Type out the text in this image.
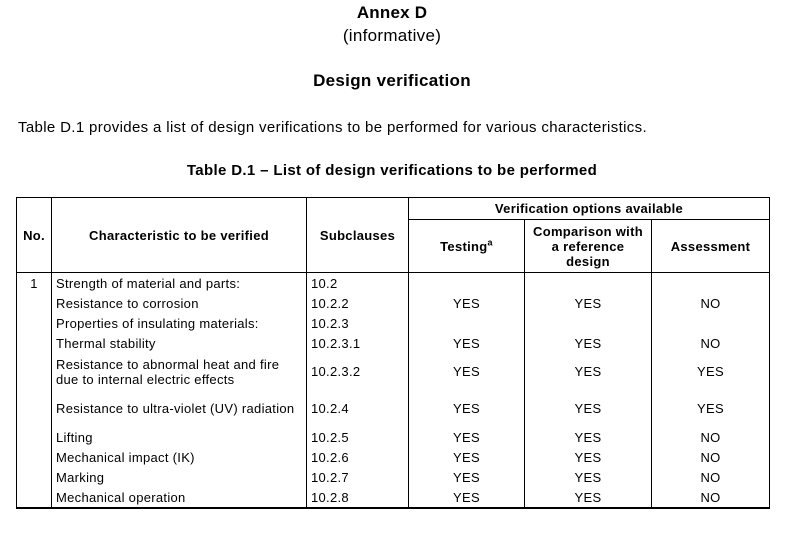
Annex D
(informative)
Design verification
Table D.1 provides a list of design verifications to be performed for various characteristics.
Table D.1 – List of design verifications to be performed
No.	Characteristic to be verified	Subclauses	Verification options available		
			Testing$^a$	Comparison with a reference design	Assessment
1	Strength of material and parts:	10.2			
	Resistance to corrosion	10.2.2	YES	YES	NO
	Properties of insulating materials:	10.2.3			
	Thermal stability	10.2.3.1	YES	YES	NO
	Resistance to abnormal heat and fire due to internal electric effects	10.2.3.2	YES	YES	YES
	Resistance to ultra-violet (UV) radiation	10.2.4	YES	YES	YES
	Lifting	10.2.5	YES	YES	NO
	Mechanical impact (IK)	10.2.6	YES	YES	NO
	Marking	10.2.7	YES	YES	NO
	Mechanical operation	10.2.8	YES	YES	NO
